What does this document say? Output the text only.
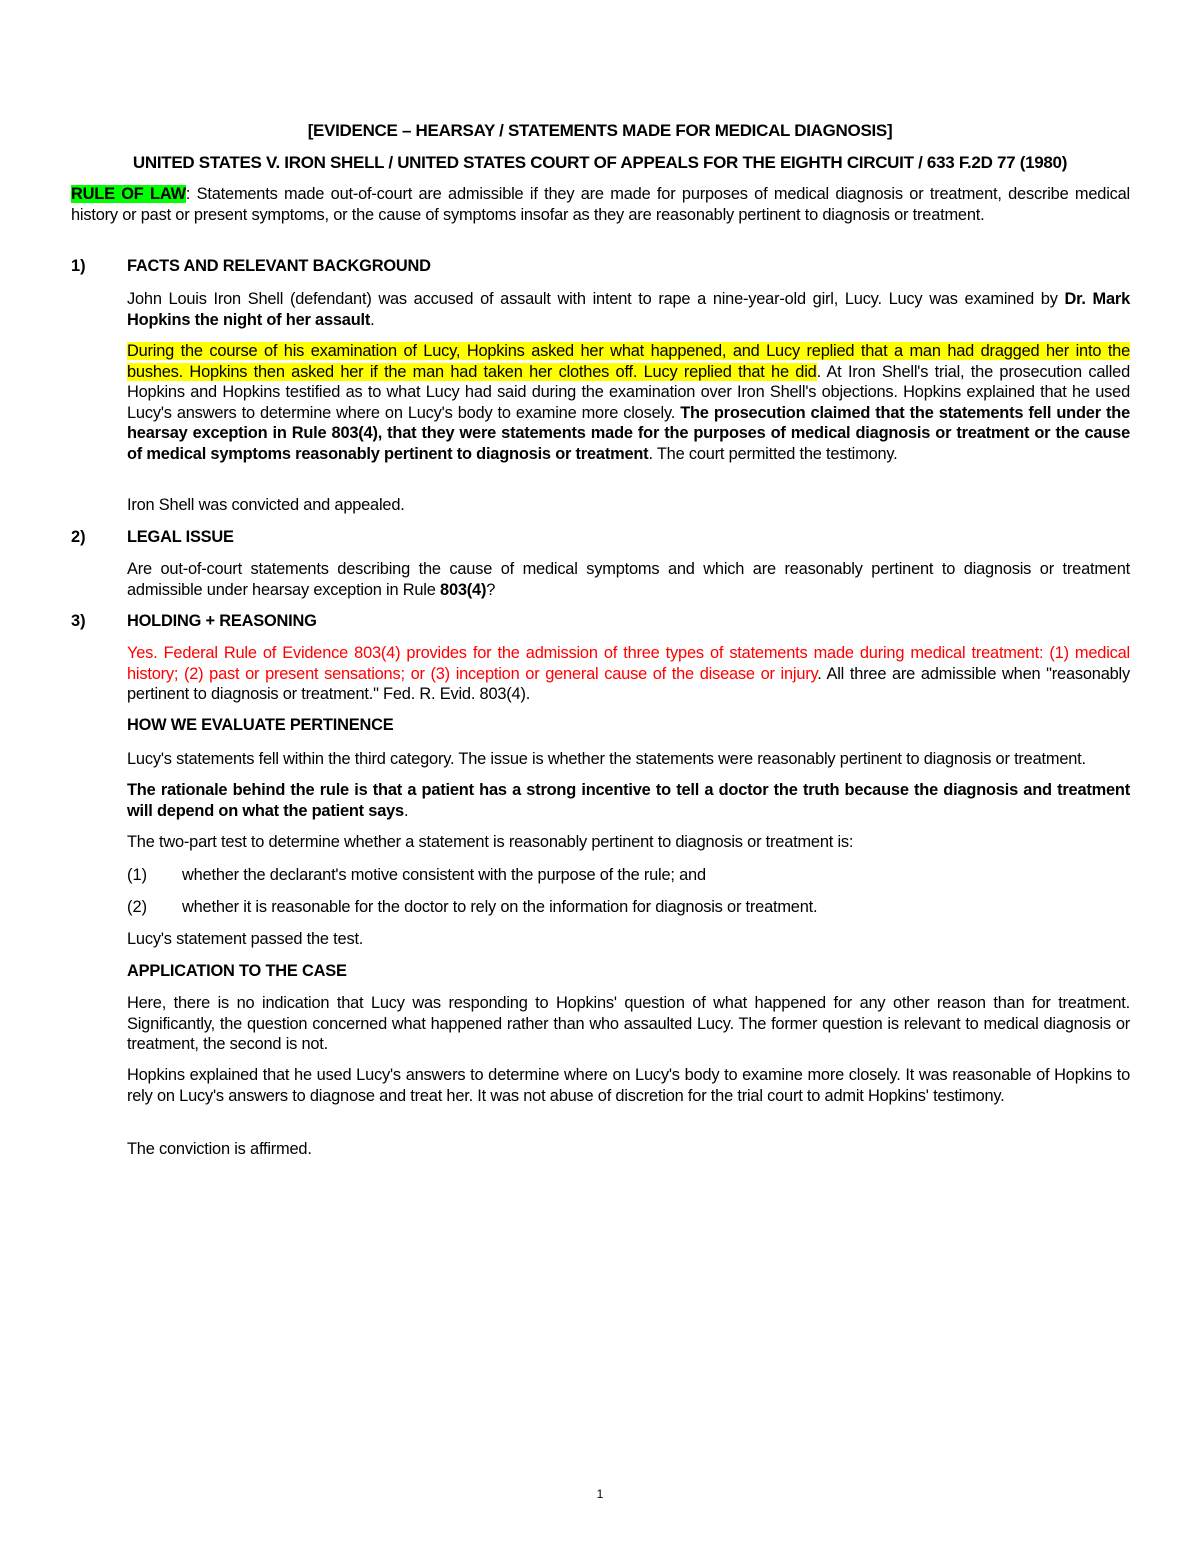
[EVIDENCE – HEARSAY / STATEMENTS MADE FOR MEDICAL DIAGNOSIS]
UNITED STATES V. IRON SHELL / UNITED STATES COURT OF APPEALS FOR THE EIGHTH CIRCUIT / 633 F.2D 77 (1980)
RULE OF LAW: Statements made out-of-court are admissible if they are made for purposes of medical diagnosis or treatment, describe medical history or past or present symptoms, or the cause of symptoms insofar as they are reasonably pertinent to diagnosis or treatment.
1)	FACTS AND RELEVANT BACKGROUND
John Louis Iron Shell (defendant) was accused of assault with intent to rape a nine-year-old girl, Lucy. Lucy was examined by Dr. Mark Hopkins the night of her assault.
During the course of his examination of Lucy, Hopkins asked her what happened, and Lucy replied that a man had dragged her into the bushes. Hopkins then asked her if the man had taken her clothes off. Lucy replied that he did. At Iron Shell's trial, the prosecution called Hopkins and Hopkins testified as to what Lucy had said during the examination over Iron Shell's objections. Hopkins explained that he used Lucy's answers to determine where on Lucy's body to examine more closely. The prosecution claimed that the statements fell under the hearsay exception in Rule 803(4), that they were statements made for the purposes of medical diagnosis or treatment or the cause of medical symptoms reasonably pertinent to diagnosis or treatment. The court permitted the testimony.
Iron Shell was convicted and appealed.
2)	LEGAL ISSUE
Are out-of-court statements describing the cause of medical symptoms and which are reasonably pertinent to diagnosis or treatment admissible under hearsay exception in Rule 803(4)?
3)	HOLDING + REASONING
Yes. Federal Rule of Evidence 803(4) provides for the admission of three types of statements made during medical treatment: (1) medical history; (2) past or present sensations; or (3) inception or general cause of the disease or injury. All three are admissible when "reasonably pertinent to diagnosis or treatment." Fed. R. Evid. 803(4).
HOW WE EVALUATE PERTINENCE
Lucy's statements fell within the third category. The issue is whether the statements were reasonably pertinent to diagnosis or treatment.
The rationale behind the rule is that a patient has a strong incentive to tell a doctor the truth because the diagnosis and treatment will depend on what the patient says.
The two-part test to determine whether a statement is reasonably pertinent to diagnosis or treatment is:
(1) whether the declarant's motive consistent with the purpose of the rule; and
(2) whether it is reasonable for the doctor to rely on the information for diagnosis or treatment.
Lucy's statement passed the test.
APPLICATION TO THE CASE
Here, there is no indication that Lucy was responding to Hopkins' question of what happened for any other reason than for treatment. Significantly, the question concerned what happened rather than who assaulted Lucy. The former question is relevant to medical diagnosis or treatment, the second is not.
Hopkins explained that he used Lucy's answers to determine where on Lucy's body to examine more closely. It was reasonable of Hopkins to rely on Lucy's answers to diagnose and treat her. It was not abuse of discretion for the trial court to admit Hopkins' testimony.
The conviction is affirmed.
1
